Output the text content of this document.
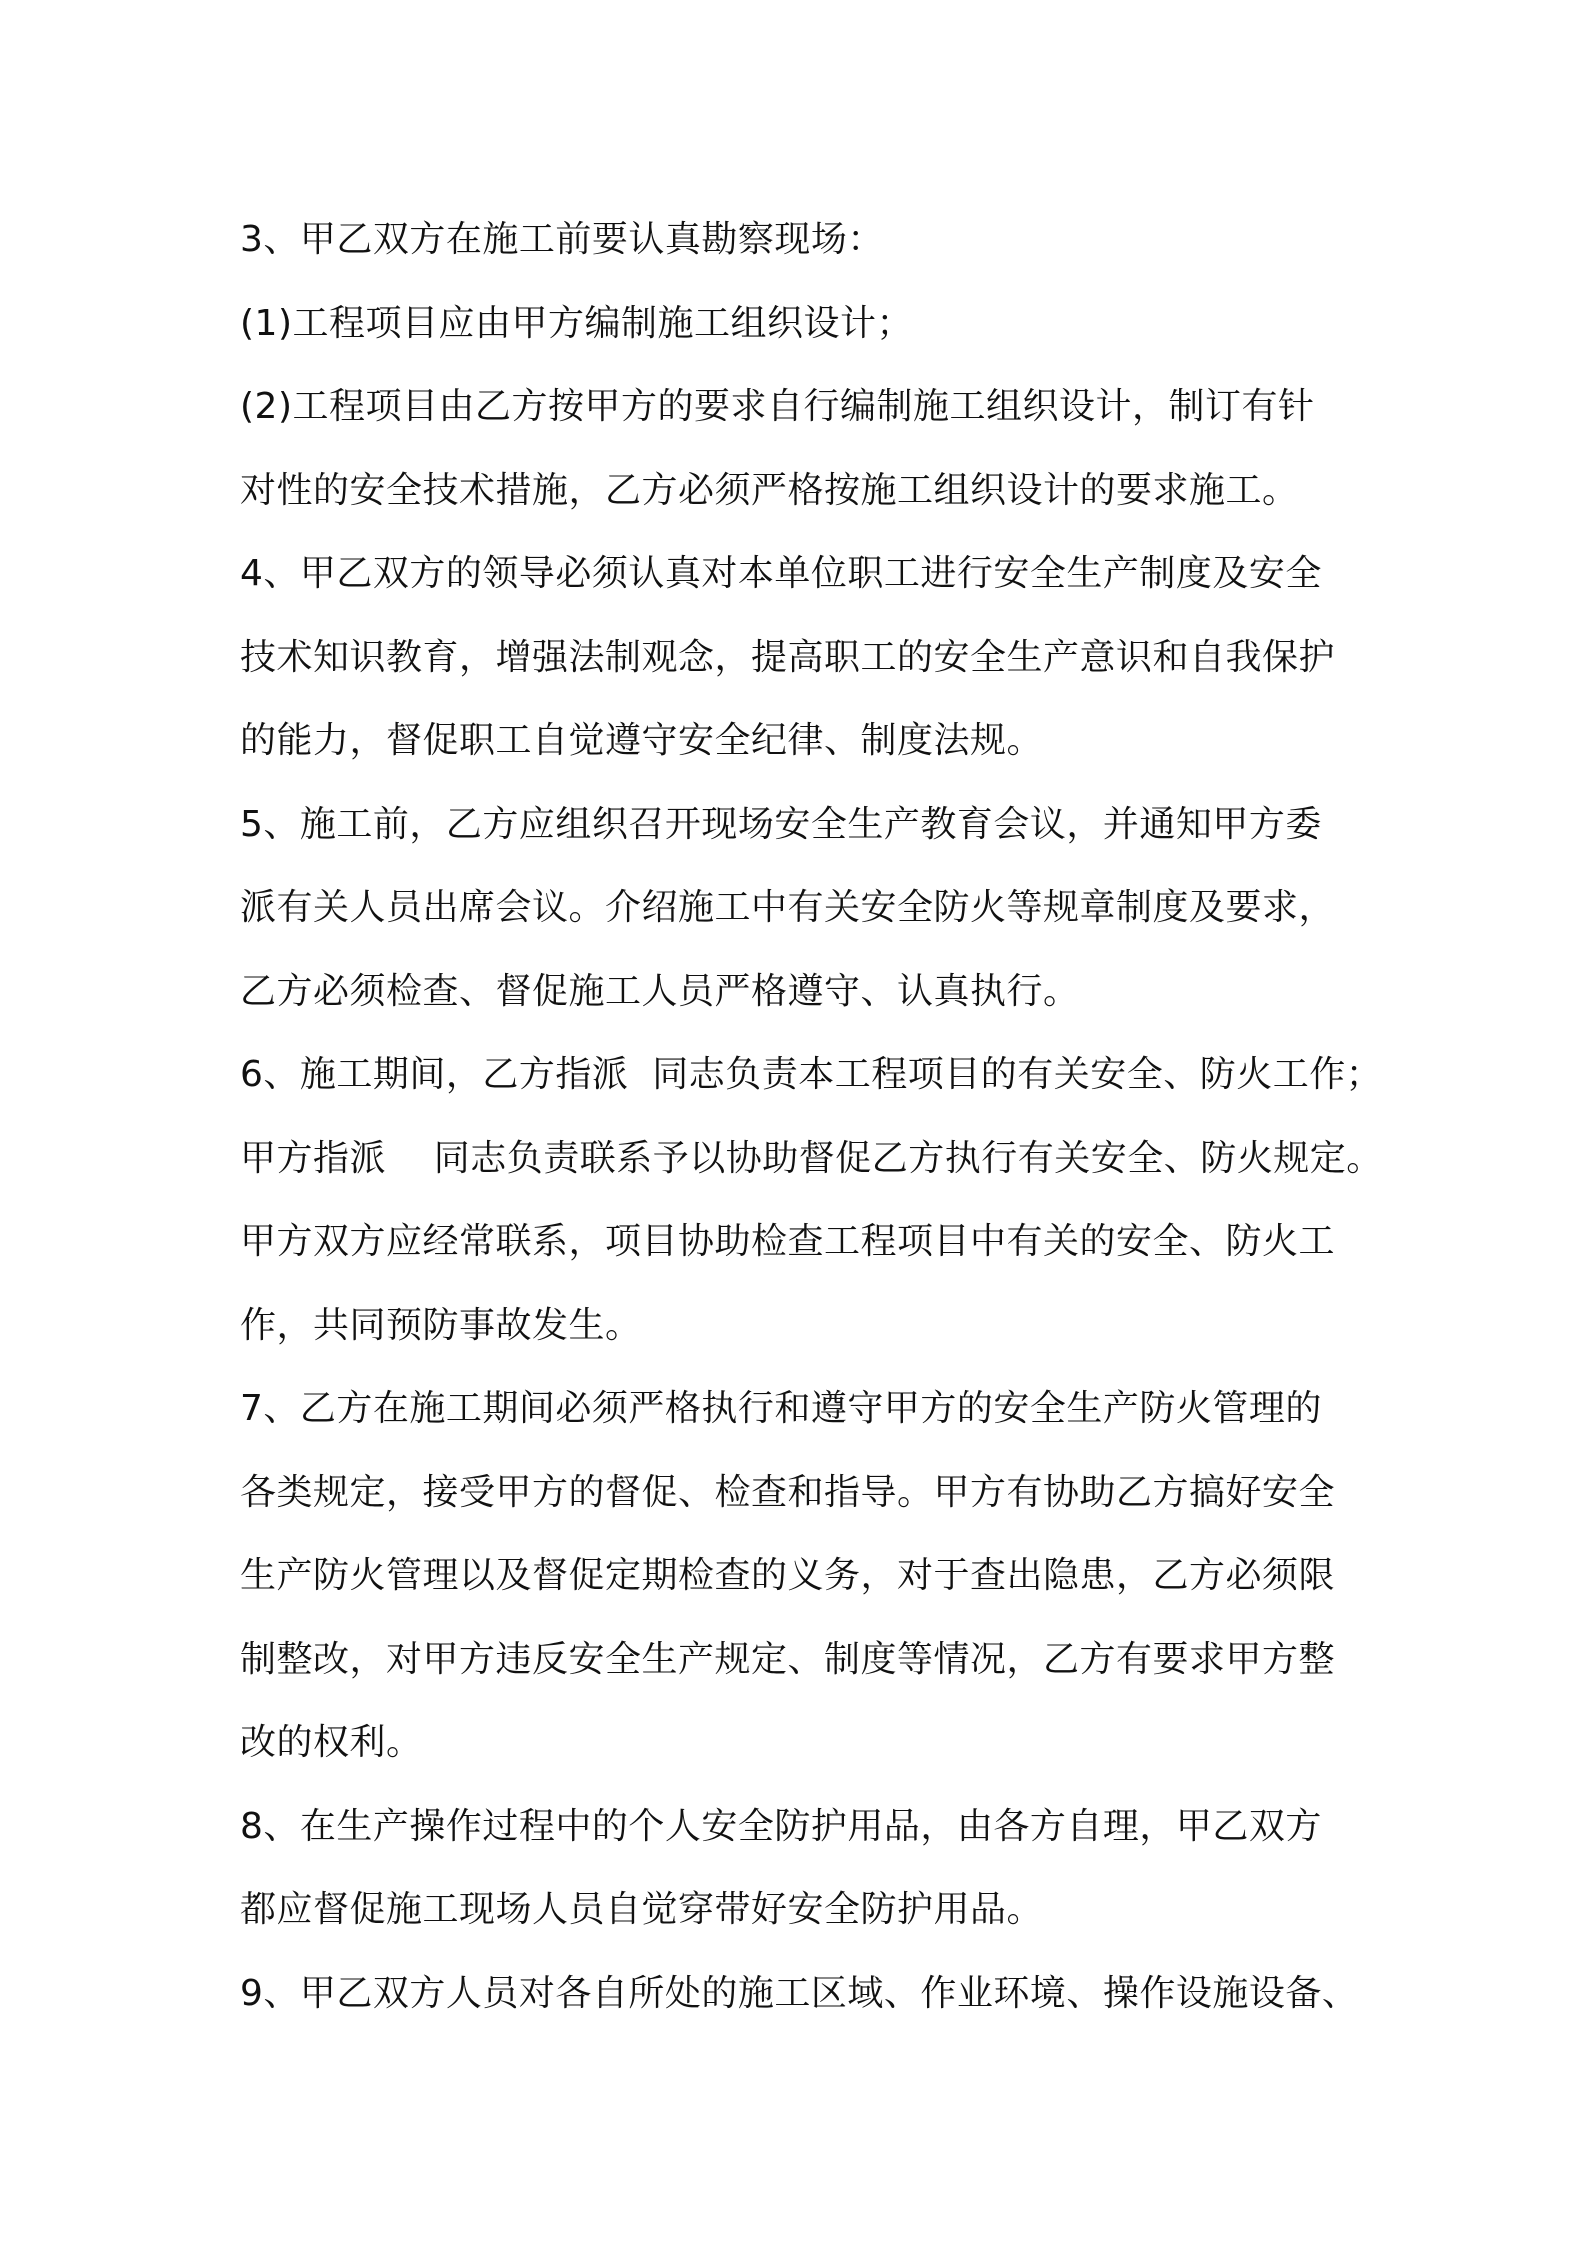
3、甲乙双方在施工前要认真勘察现场：
(1)工程项目应由甲方编制施工组织设计；
(2)工程项目由乙方按甲方的要求自行编制施工组织设计，制订有针
对性的安全技术措施，乙方必须严格按施工组织设计的要求施工。
4、甲乙双方的领导必须认真对本单位职工进行安全生产制度及安全
技术知识教育，增强法制观念，提高职工的安全生产意识和自我保护
的能力，督促职工自觉遵守安全纪律、制度法规。
5、施工前，乙方应组织召开现场安全生产教育会议，并通知甲方委
派有关人员出席会议。介绍施工中有关安全防火等规章制度及要求，
乙方必须检查、督促施工人员严格遵守、认真执行。
6、施工期间，乙方指派  同志负责本工程项目的有关安全、防火工作；
甲方指派    同志负责联系予以协助督促乙方执行有关安全、防火规定。
甲方双方应经常联系，项目协助检查工程项目中有关的安全、防火工
作，共同预防事故发生。
7、乙方在施工期间必须严格执行和遵守甲方的安全生产防火管理的
各类规定，接受甲方的督促、检查和指导。甲方有协助乙方搞好安全
生产防火管理以及督促定期检查的义务，对于查出隐患，乙方必须限
制整改，对甲方违反安全生产规定、制度等情况，乙方有要求甲方整
改的权利。
8、在生产操作过程中的个人安全防护用品，由各方自理，甲乙双方
都应督促施工现场人员自觉穿带好安全防护用品。
9、甲乙双方人员对各自所处的施工区域、作业环境、操作设施设备、
